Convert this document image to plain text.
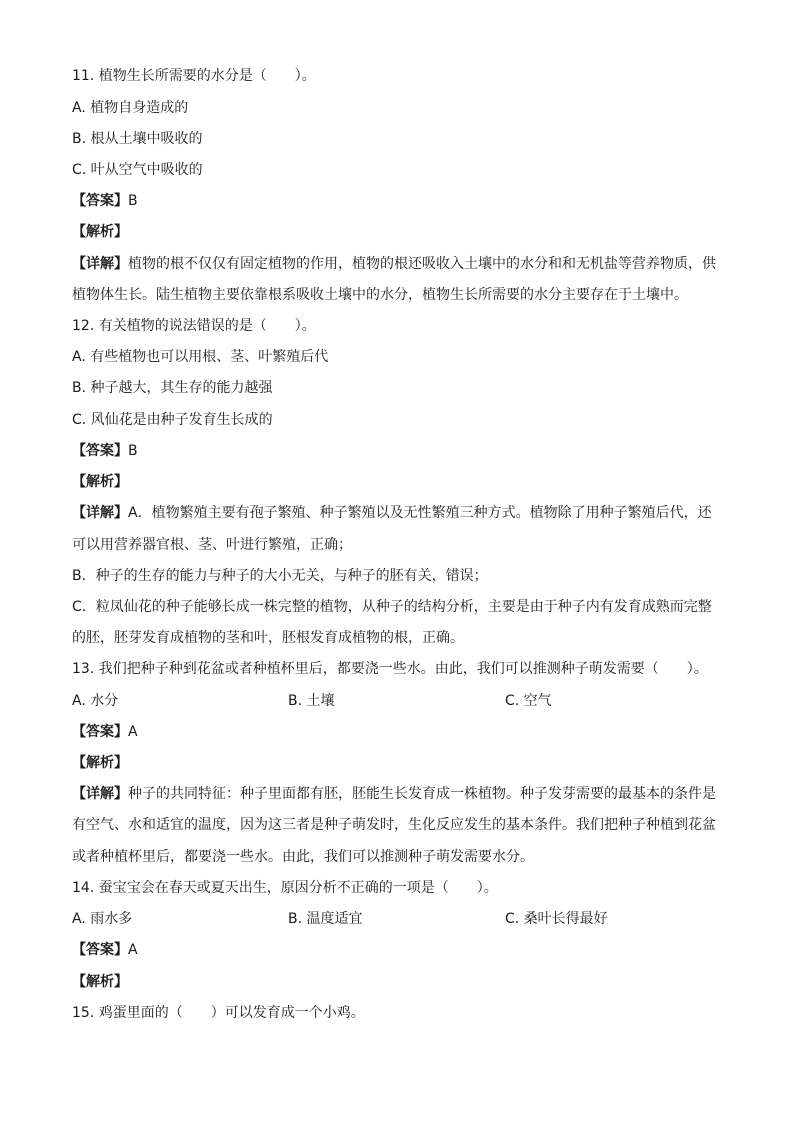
11. 植物生长所需要的水分是（　　）。
A. 植物自身造成的
B. 根从土壤中吸收的
C. 叶从空气中吸收的
【答案】B
【解析】
【详解】植物的根不仅仅有固定植物的作用，植物的根还吸收入土壤中的水分和和无机盐等营养物质，供
植物体生长。陆生植物主要依靠根系吸收土壤中的水分，植物生长所需要的水分主要存在于土壤中。
12. 有关植物的说法错误的是（　　）。
A. 有些植物也可以用根、茎、叶繁殖后代
B. 种子越大，其生存的能力越强
C. 风仙花是由种子发育生长成的
【答案】B
【解析】
【详解】A．植物繁殖主要有孢子繁殖、种子繁殖以及无性繁殖三种方式。植物除了用种子繁殖后代，还
可以用营养器官根、茎、叶进行繁殖，正确；
B．种子的生存的能力与种子的大小无关，与种子的胚有关，错误；
C．粒凤仙花的种子能够长成一株完整的植物，从种子的结构分析，主要是由于种子内有发育成熟而完整
的胚，胚芽发育成植物的茎和叶，胚根发育成植物的根，正确。
13. 我们把种子种到花盆或者种植杯里后，都要浇一些水。由此，我们可以推测种子萌发需要（　　）。
A. 水分	B. 土壤	C. 空气
【答案】A
【解析】
【详解】种子的共同特征：种子里面都有胚，胚能生长发育成一株植物。种子发芽需要的最基本的条件是
有空气、水和适宜的温度，因为这三者是种子萌发时，生化反应发生的基本条件。我们把种子种植到花盆
或者种植杯里后，都要浇一些水。由此，我们可以推测种子萌发需要水分。
14. 蚕宝宝会在春天或夏天出生，原因分析不正确的一项是（　　）。
A. 雨水多	B. 温度适宜	C. 桑叶长得最好
【答案】A
【解析】
15. 鸡蛋里面的（　　）可以发育成一个小鸡。
